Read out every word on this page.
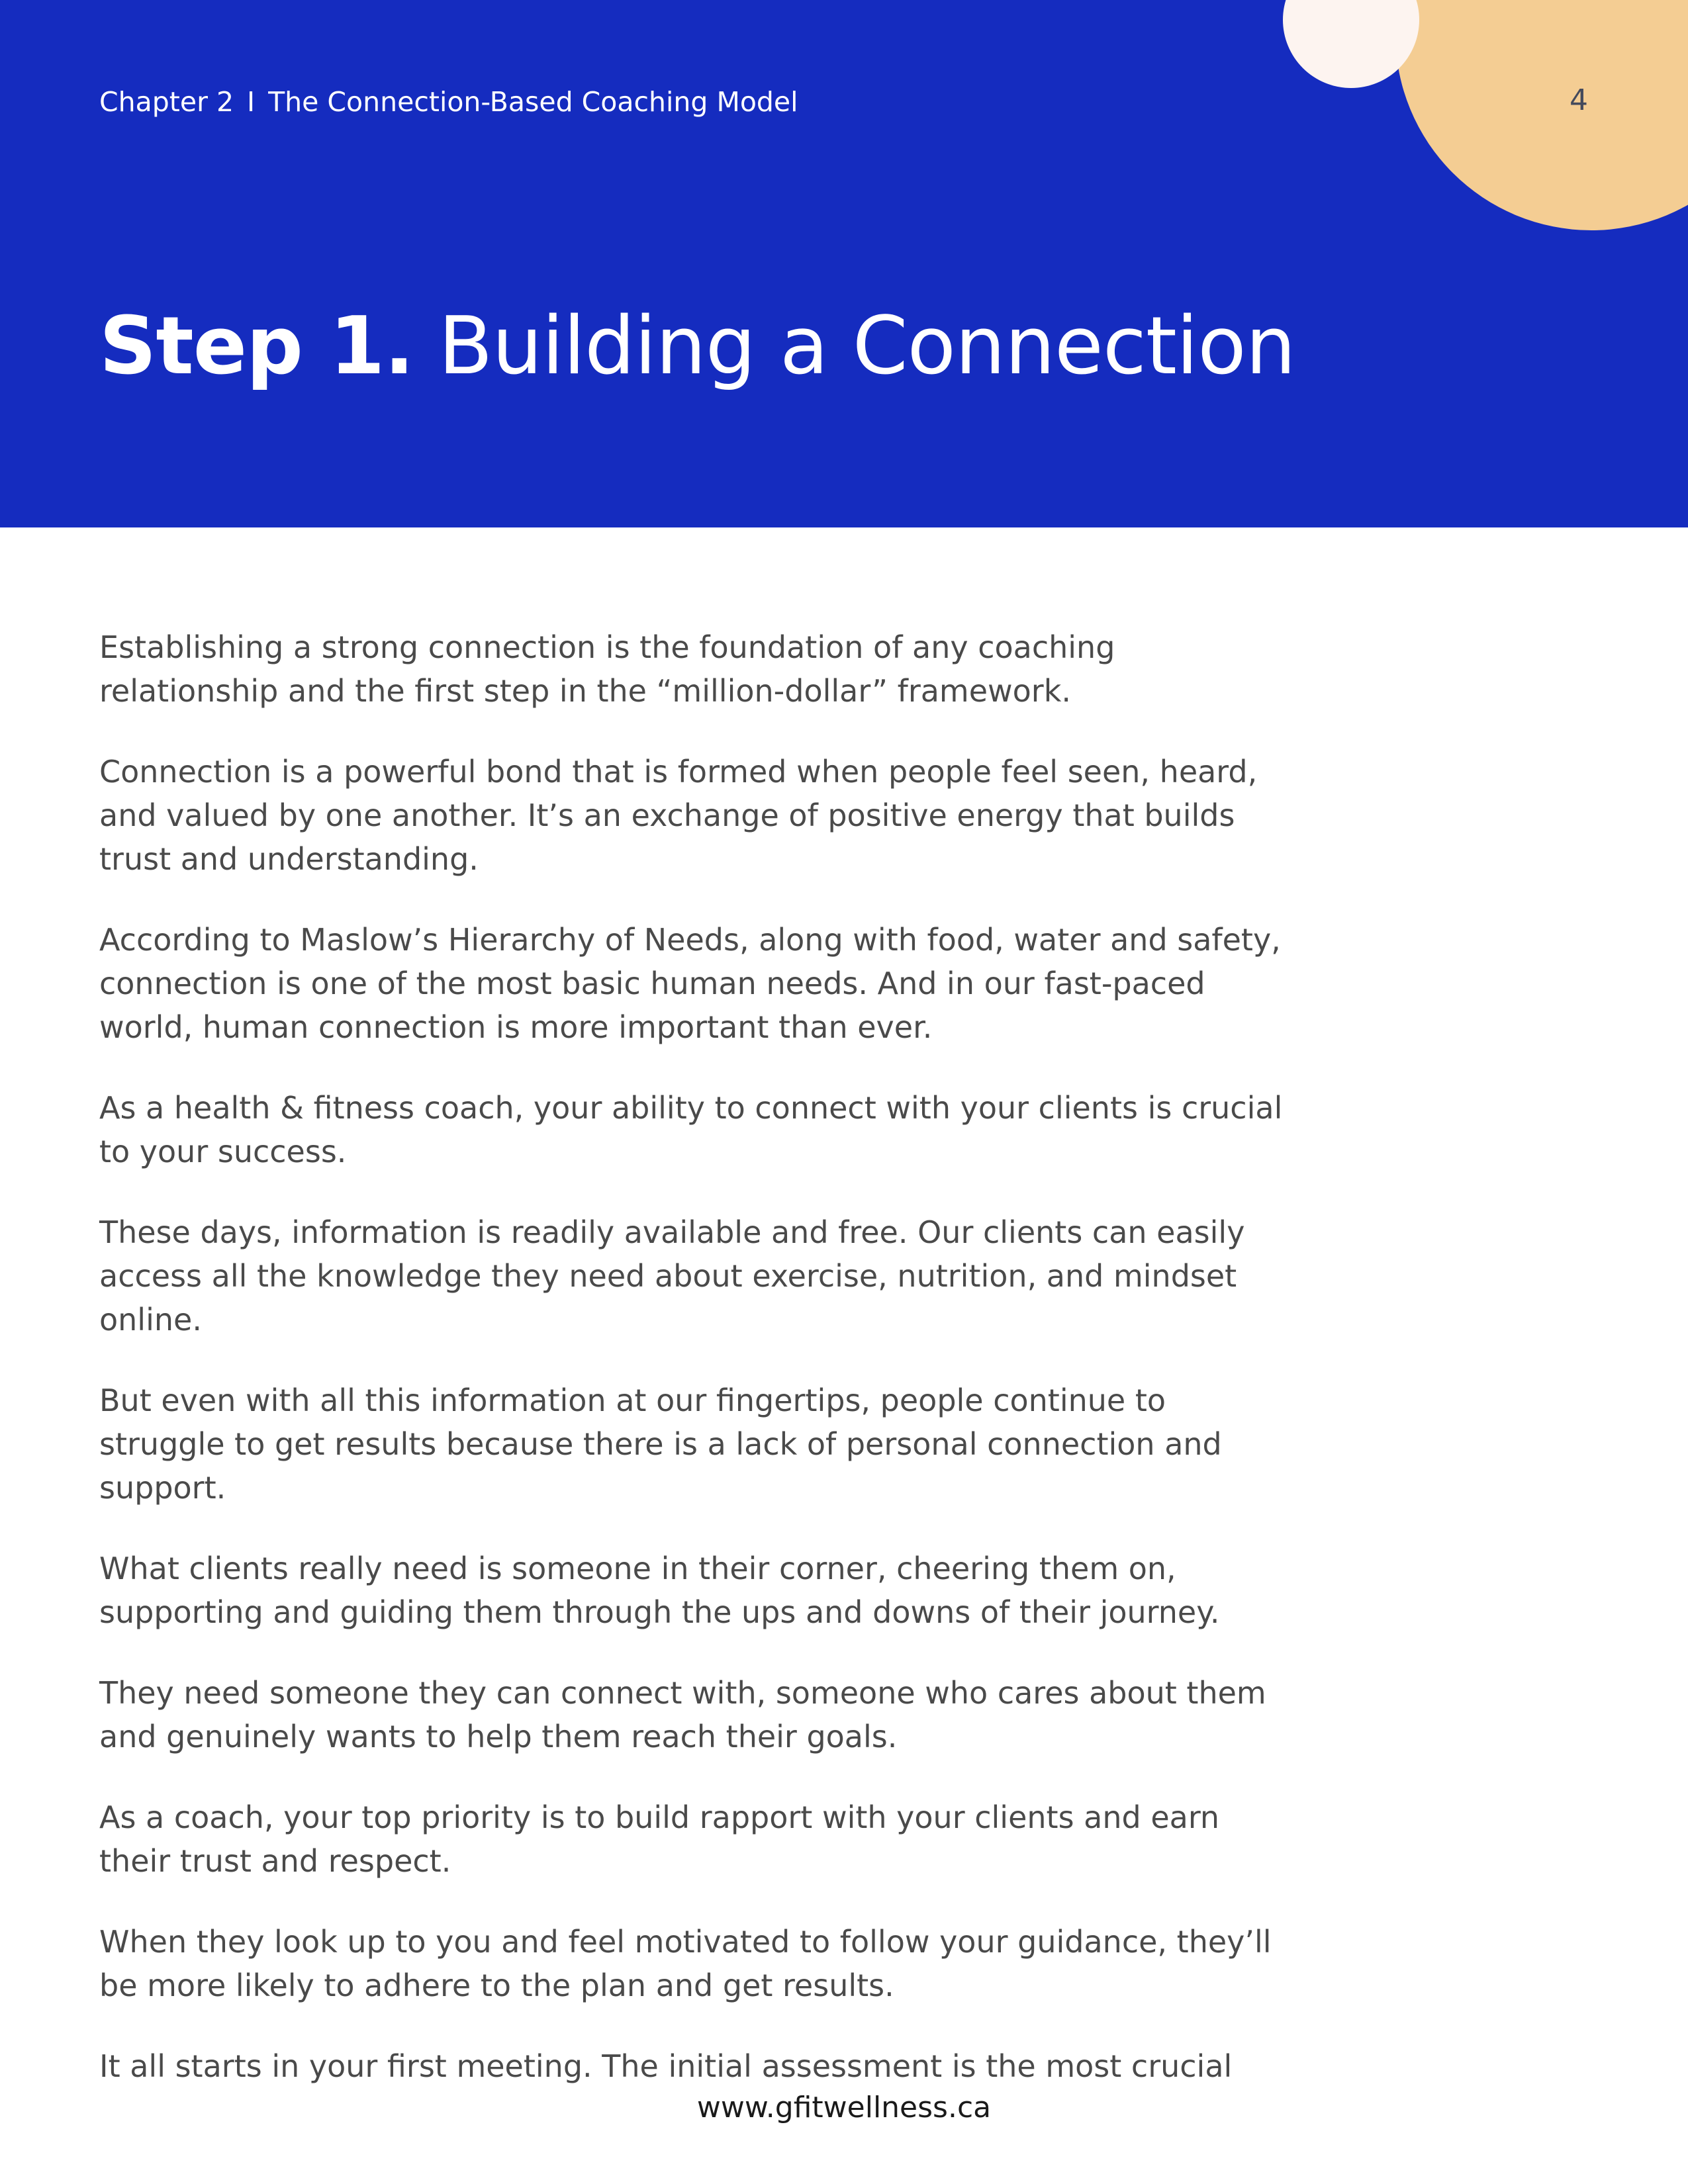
Chapter 2 I The Connection-Based Coaching Model	4
Step 1. Building a Connection

Establishing a strong connection is the foundation of any coaching relationship and the first step in the “million-dollar” framework.

Connection is a powerful bond that is formed when people feel seen, heard, and valued by one another. It’s an exchange of positive energy that builds trust and understanding.

According to Maslow’s Hierarchy of Needs, along with food, water and safety, connection is one of the most basic human needs. And in our fast-paced world, human connection is more important than ever.

As a health & fitness coach, your ability to connect with your clients is crucial to your success.

These days, information is readily available and free. Our clients can easily access all the knowledge they need about exercise, nutrition, and mindset online.

But even with all this information at our fingertips, people continue to struggle to get results because there is a lack of personal connection and support.

What clients really need is someone in their corner, cheering them on, supporting and guiding them through the ups and downs of their journey.

They need someone they can connect with, someone who cares about them and genuinely wants to help them reach their goals.

As a coach, your top priority is to build rapport with your clients and earn their trust and respect.

When they look up to you and feel motivated to follow your guidance, they’ll be more likely to adhere to the plan and get results.

It all starts in your first meeting. The initial assessment is the most crucial

www.gfitwellness.ca
